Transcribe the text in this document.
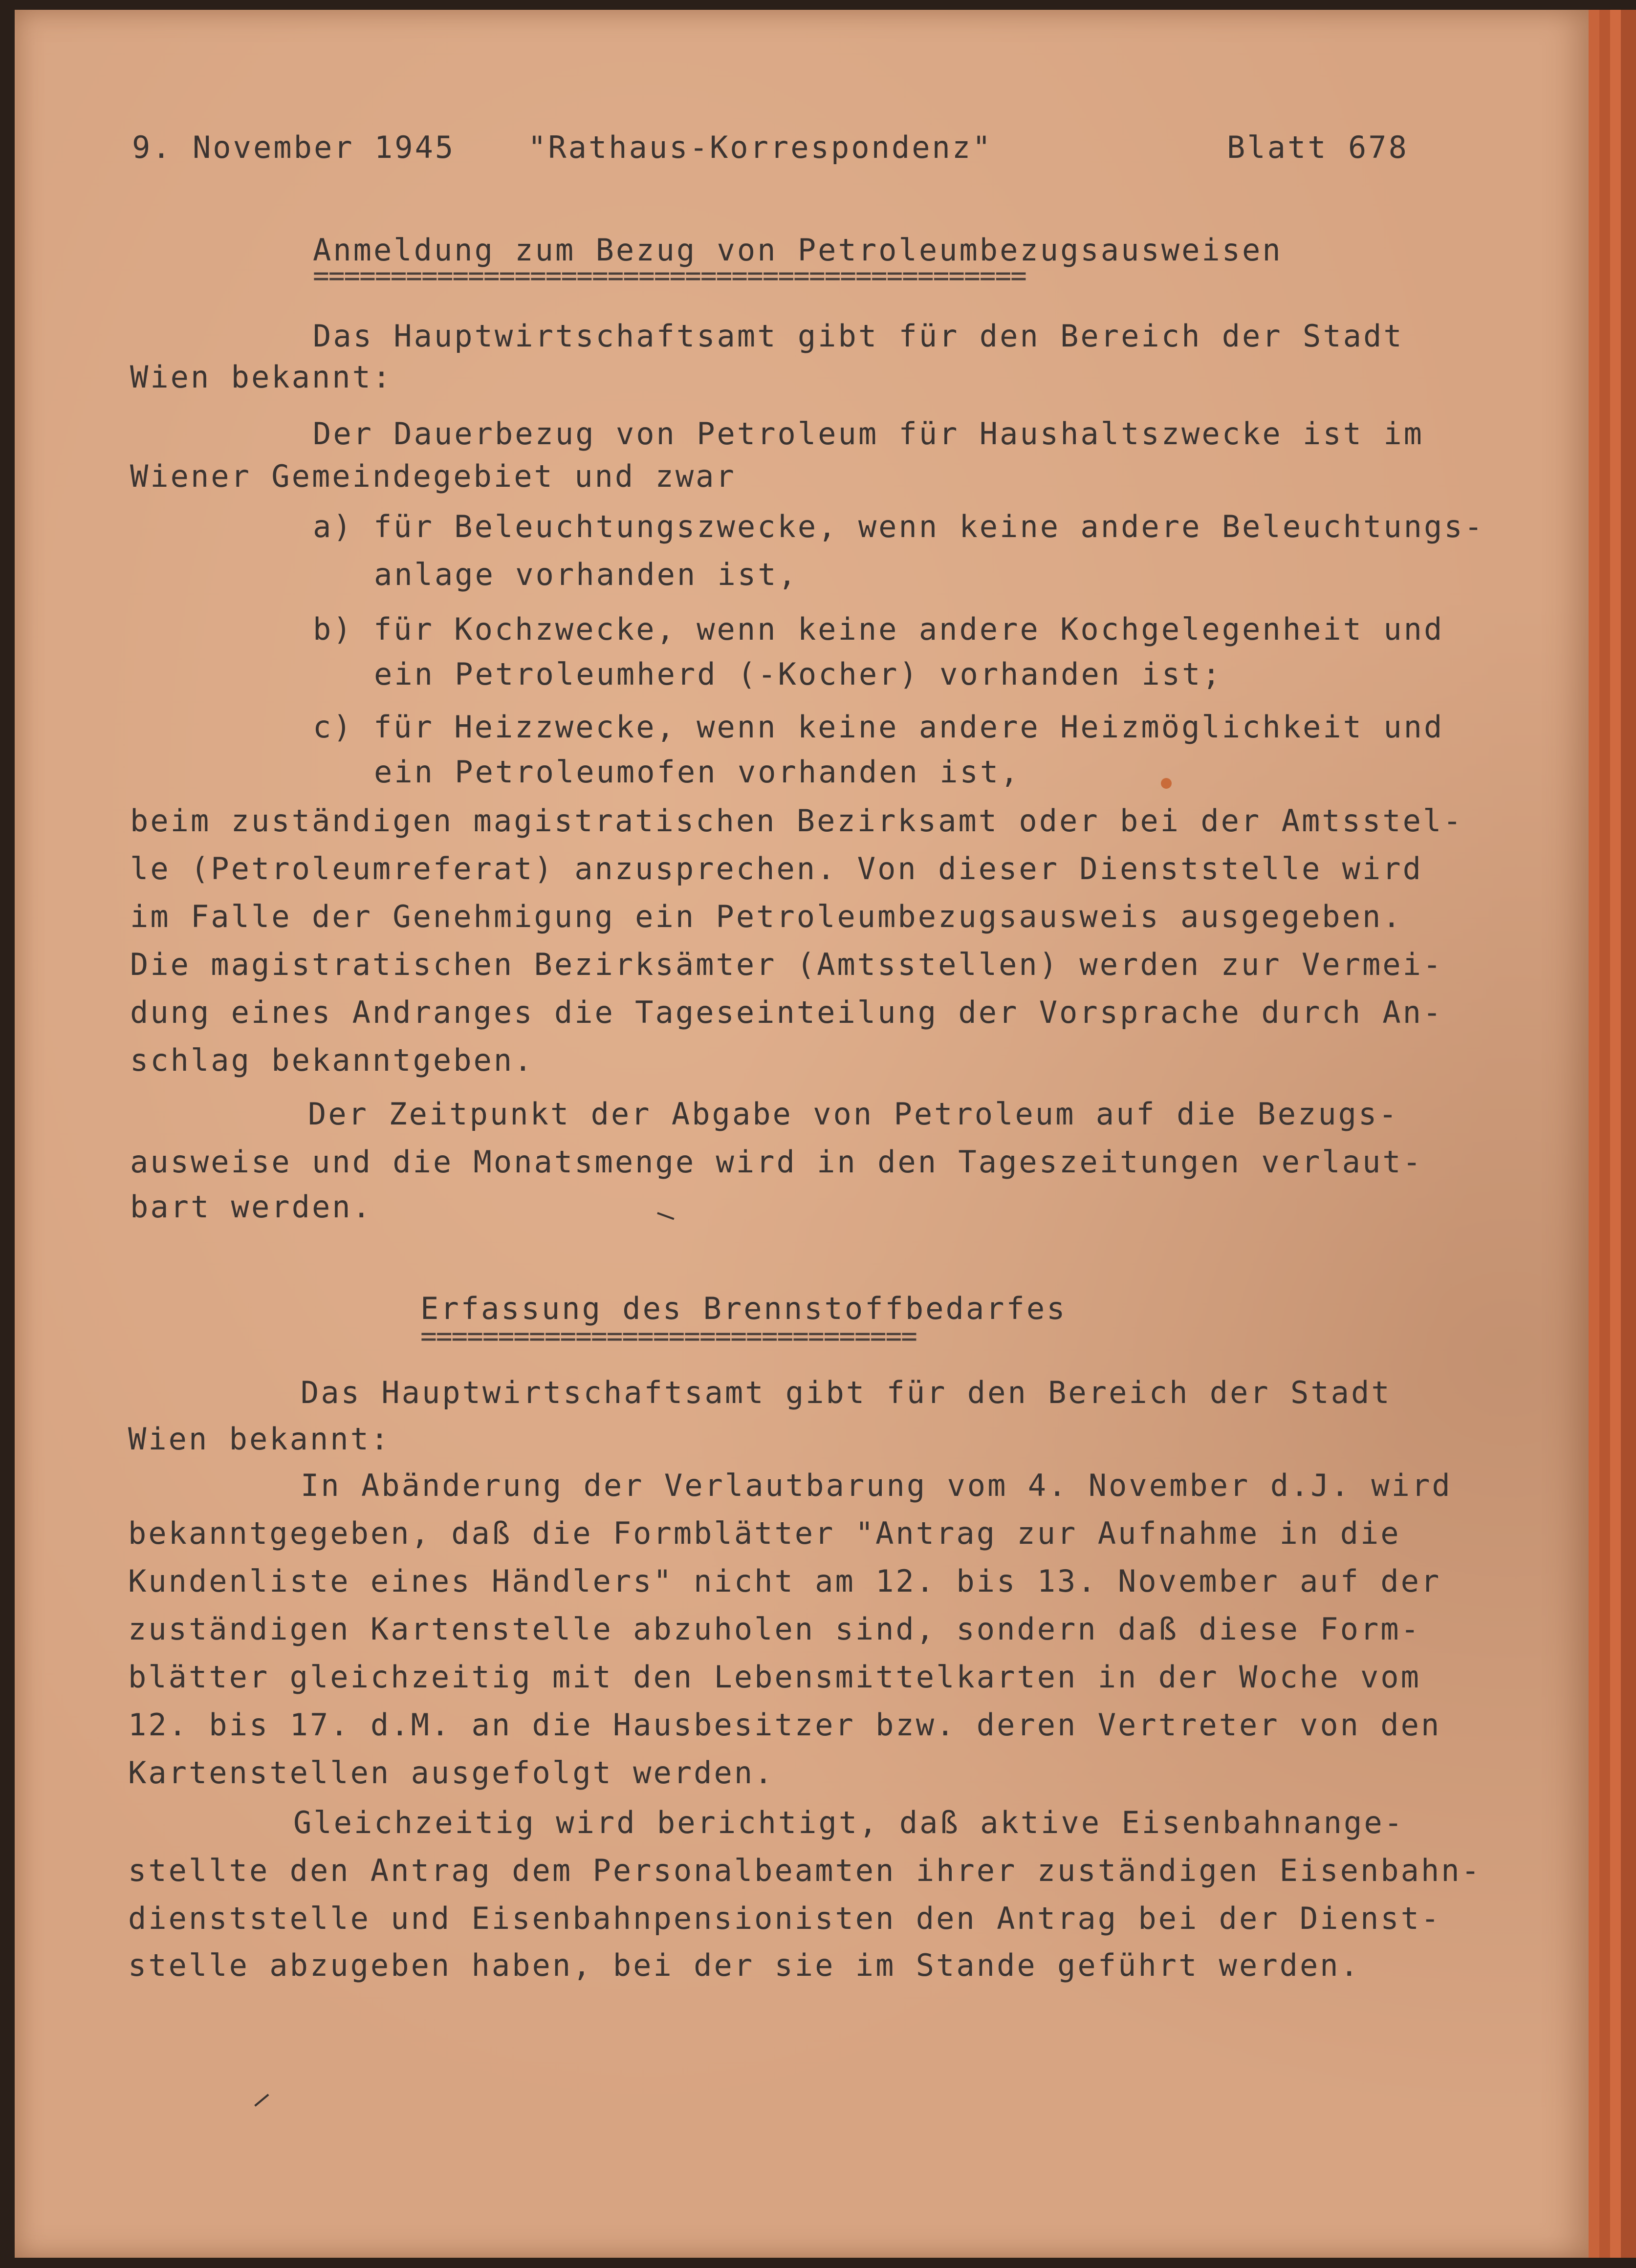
9. November 1945 "Rathaus-Korrespondenz"	Blatt 678

Anmeldung zum Bezug von Petroleumbezugsausweisen

==============================================

Das Hauptwirtschaftsamt gibt für den Bereich der Stadt

Wien bekannt:

Der Dauerbezug von Petroleum für Haushaltszwecke ist im

Wiener Gemeindegebiet und zwar

a) für Beleuchtungszwecke, wenn keine andere Beleuchtungs-

anlage vorhanden ist,

b) für Kochzwecke, wenn keine andere Kochgelegenheit und

ein Petroleumherd (-Kocher) vorhanden ist;

c) für Heizzwecke, wenn keine andere Heizmöglichkeit und

ein Petroleumofen vorhanden ist,

beim zuständigen magistratischen Bezirksamt oder bei der Amtsstel-

le (Petroleumreferat) anzusprechen. Von dieser Dienststelle wird

im Falle der Genehmigung ein Petroleumbezugsausweis ausgegeben.

Die magistratischen Bezirksämter (Amtsstellen) werden zur Vermei-

dung eines Andranges die Tageseinteilung der Vorsprache durch An-

schlag bekanntgeben.

Der Zeitpunkt der Abgabe von Petroleum auf die Bezugs-

ausweise und die Monatsmenge wird in den Tageszeitungen verlaut-

bart werden.

Erfassung des Brennstoffbedarfes

================================

Das Hauptwirtschaftsamt gibt für den Bereich der Stadt

Wien bekannt:

In Abänderung der Verlautbarung vom 4. November d.J. wird

bekanntgegeben, daß die Formblätter "Antrag zur Aufnahme in die

Kundenliste eines Händlers" nicht am 12. bis 13. November auf der

zuständigen Kartenstelle abzuholen sind, sondern daß diese Form-

blätter gleichzeitig mit den Lebensmittelkarten in der Woche vom

12. bis 17. d.M. an die Hausbesitzer bzw. deren Vertreter von den

Kartenstellen ausgefolgt werden.

Gleichzeitig wird berichtigt, daß aktive Eisenbahnange-

stellte den Antrag dem Personalbeamten ihrer zuständigen Eisenbahn-

dienststelle und Eisenbahnpensionisten den Antrag bei der Dienst-

stelle abzugeben haben, bei der sie im Stande geführt werden.

—
—
